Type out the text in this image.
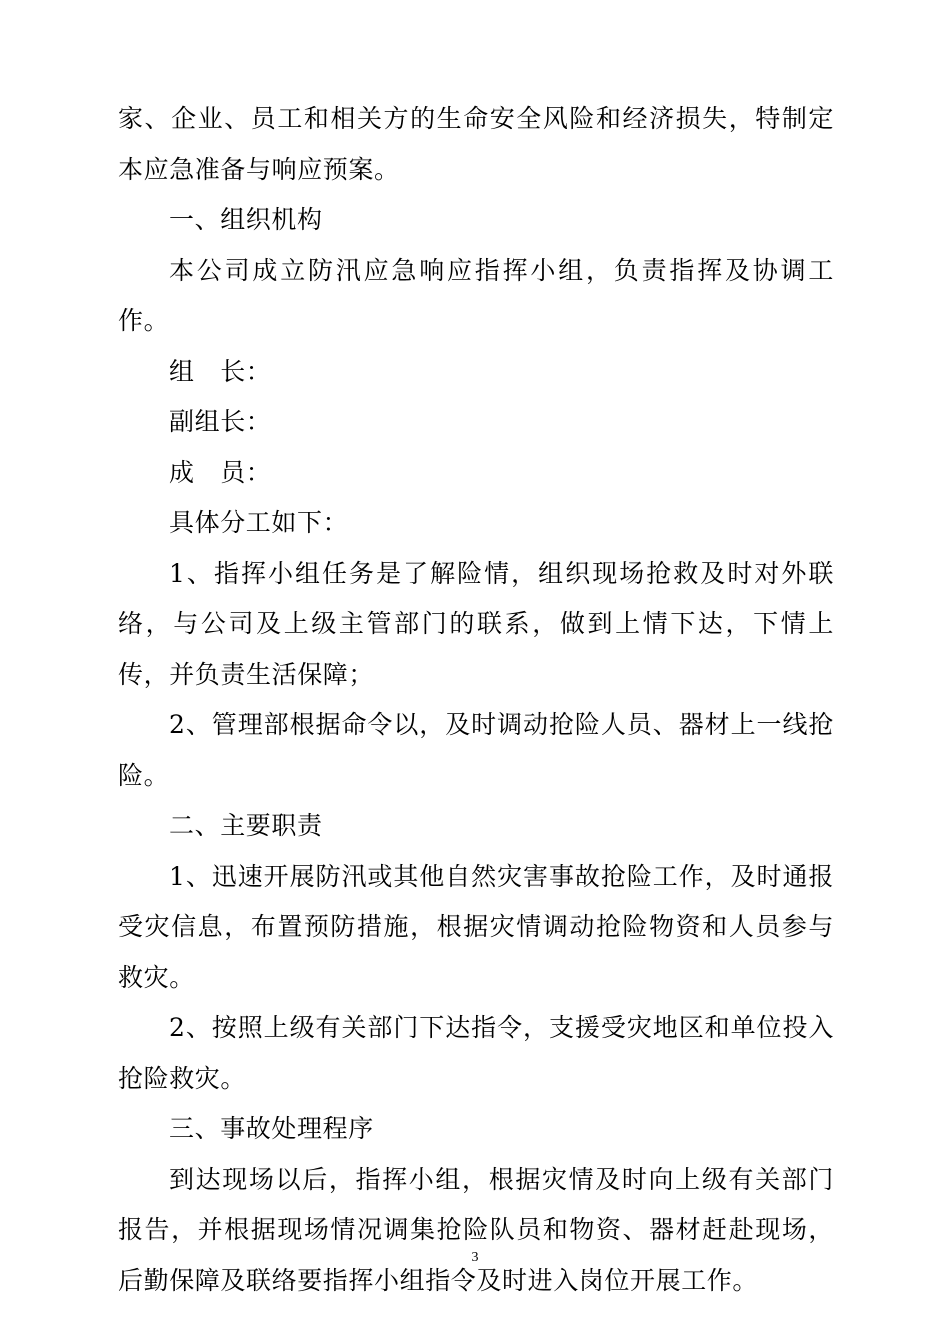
家、企业、员工和相关方的生命安全风险和经济损失，特制定本应急准备与响应预案。

一、组织机构

本公司成立防汛应急响应指挥小组，负责指挥及协调工作。

组　长：

副组长：

成　员：

具体分工如下：

1、指挥小组任务是了解险情，组织现场抢救及时对外联络，与公司及上级主管部门的联系，做到上情下达，下情上传，并负责生活保障；

2、管理部根据命令以，及时调动抢险人员、器材上一线抢险。

二、主要职责

1、迅速开展防汛或其他自然灾害事故抢险工作，及时通报受灾信息，布置预防措施，根据灾情调动抢险物资和人员参与救灾。

2、按照上级有关部门下达指令，支援受灾地区和单位投入抢险救灾。

三、事故处理程序

到达现场以后，指挥小组，根据灾情及时向上级有关部门报告，并根据现场情况调集抢险队员和物资、器材赶赴现场，后勤保障及联络要指挥小组指令及时进入岗位开展工作。

3
